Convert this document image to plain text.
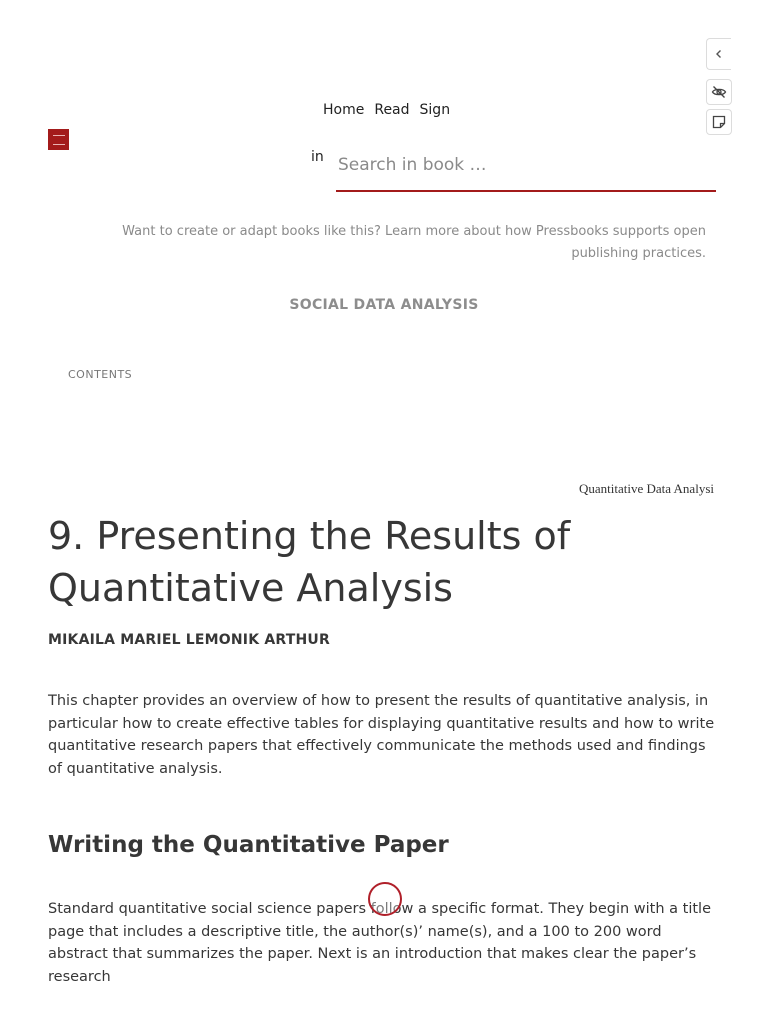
Home Read Sign
in
Search in book …
Want to create or adapt books like this? Learn more about how Pressbooks supports open publishing practices.
SOCIAL DATA ANALYSIS
CONTENTS
Quantitative Data Analysi
9. Presenting the Results of Quantitative Analysis
MIKAILA MARIEL LEMONIK ARTHUR

This chapter provides an overview of how to present the results of quantitative analysis, in particular how to create effective tables for displaying quantitative results and how to write quantitative research papers that effectively communicate the methods used and findings of quantitative analysis.

Writing the Quantitative Paper

Standard quantitative social science papers follow a specific format. They begin with a title page that includes a descriptive title, the author(s)’ name(s), and a 100 to 200 word abstract that summarizes the paper. Next is an introduction that makes clear the paper’s research
